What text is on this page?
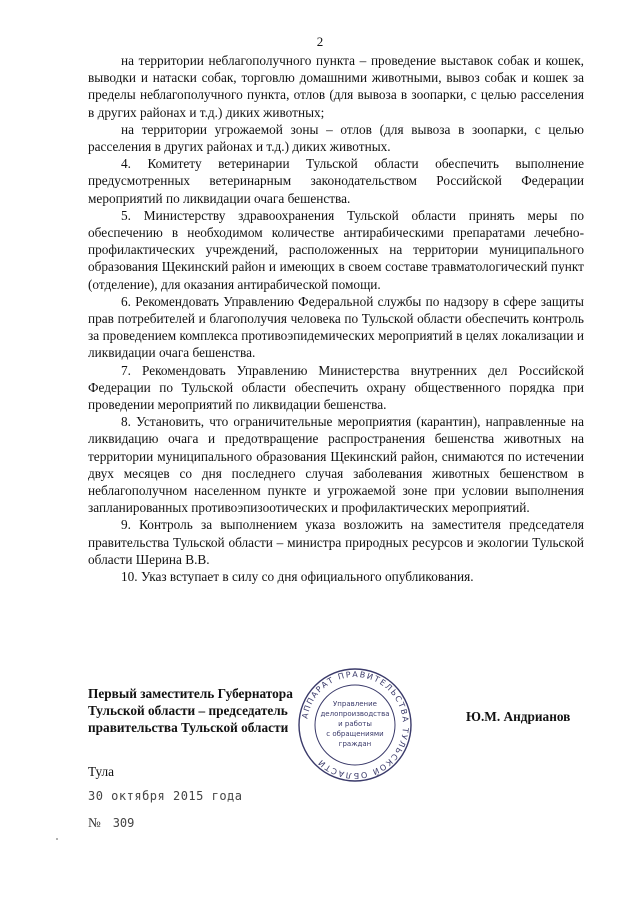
2

на территории неблагополучного пункта – проведение выставок собак и кошек, выводки и натаски собак, торговлю домашними животными, вывоз собак и кошек за пределы неблагополучного пункта, отлов (для вывоза в зоопарки, с целью расселения в других районах и т.д.) диких животных;

на территории угрожаемой зоны – отлов (для вывоза в зоопарки, с целью расселения в других районах и т.д.) диких животных.

4. Комитету ветеринарии Тульской области обеспечить выполнение предусмотренных ветеринарным законодательством Российской Федерации мероприятий по ликвидации очага бешенства.

5. Министерству здравоохранения Тульской области принять меры по обеспечению в необходимом количестве антирабическими препаратами лечебно-профилактических учреждений, расположенных на территории муниципального образования Щекинский район и имеющих в своем составе травматологический пункт (отделение), для оказания антирабической помощи.

6. Рекомендовать Управлению Федеральной службы по надзору в сфере защиты прав потребителей и благополучия человека по Тульской области обеспечить контроль за проведением комплекса противоэпидемических мероприятий в целях локализации и ликвидации очага бешенства.

7. Рекомендовать Управлению Министерства внутренних дел Российской Федерации по Тульской области обеспечить охрану общественного порядка при проведении мероприятий по ликвидации бешенства.

8. Установить, что ограничительные мероприятия (карантин), направленные на ликвидацию очага и предотвращение распространения бешенства животных на территории муниципального образования Щекинский район, снимаются по истечении двух месяцев со дня последнего случая заболевания животных бешенством в неблагополучном населенном пункте и угрожаемой зоне при условии выполнения запланированных противоэпизоотических и профилактических мероприятий.

9. Контроль за выполнением указа возложить на заместителя председателя правительства Тульской области – министра природных ресурсов и экологии Тульской области Шерина В.В.

10. Указ вступает в силу со дня официального опубликования.

Первый заместитель Губернатора
Тульской области – председатель
правительства Тульской области
АППАРАТ ПРАВИТЕЛЬСТВА ТУЛЬСКОЙ ОБЛАСТИ
Управление
делопроизводства
и работы
с обращениями
граждан
Ю.М. Андрианов
Тула
30 октября 2015 года
№ 309
